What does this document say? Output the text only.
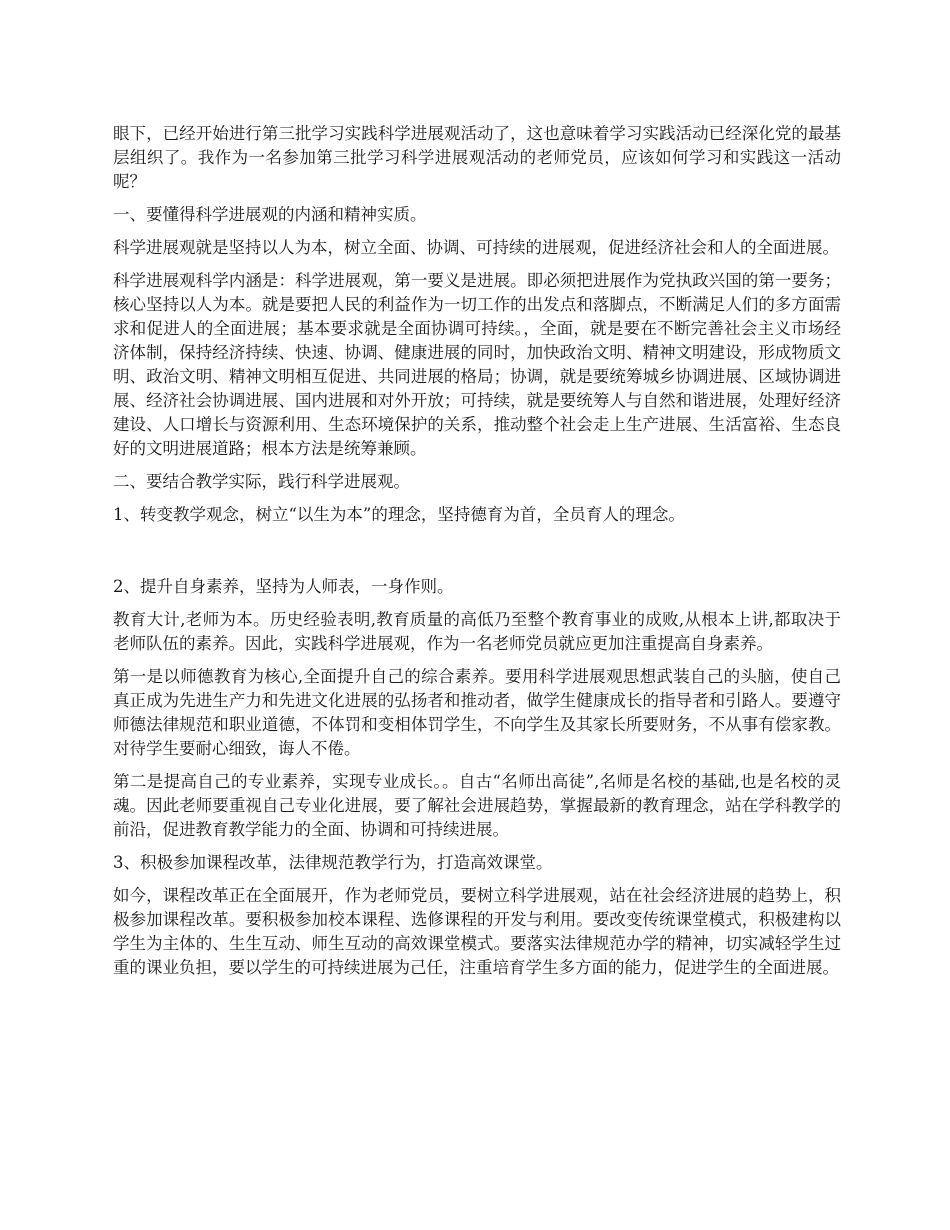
眼下，已经开始进行第三批学习实践科学进展观活动了，这也意味着学习实践活动已经深化党的最基层组织了。我作为一名参加第三批学习科学进展观活动的老师党员，应该如何学习和实践这一活动呢？

一、要懂得科学进展观的内涵和精神实质。

科学进展观就是坚持以人为本，树立全面、协调、可持续的进展观，促进经济社会和人的全面进展。

科学进展观科学内涵是：科学进展观，第一要义是进展。即必须把进展作为党执政兴国的第一要务；核心坚持以人为本。就是要把人民的利益作为一切工作的出发点和落脚点，不断满足人们的多方面需求和促进人的全面进展；基本要求就是全面协调可持续。，全面，就是要在不断完善社会主义市场经济体制，保持经济持续、快速、协调、健康进展的同时，加快政治文明、精神文明建设，形成物质文明、政治文明、精神文明相互促进、共同进展的格局；协调，就是要统筹城乡协调进展、区域协调进展、经济社会协调进展、国内进展和对外开放；可持续，就是要统筹人与自然和谐进展，处理好经济建设、人口增长与资源利用、生态环境保护的关系，推动整个社会走上生产进展、生活富裕、生态良好的文明进展道路；根本方法是统筹兼顾。

二、要结合教学实际，践行科学进展观。

1、转变教学观念，树立“以生为本”的理念，坚持德育为首，全员育人的理念。

2、提升自身素养，坚持为人师表，一身作则。

教育大计,老师为本。历史经验表明,教育质量的高低乃至整个教育事业的成败,从根本上讲,都取决于老师队伍的素养。因此，实践科学进展观，作为一名老师党员就应更加注重提高自身素养。

第一是以师德教育为核心,全面提升自己的综合素养。要用科学进展观思想武装自己的头脑，使自己真正成为先进生产力和先进文化进展的弘扬者和推动者，做学生健康成长的指导者和引路人。要遵守师德法律规范和职业道德，不体罚和变相体罚学生，不向学生及其家长所要财务，不从事有偿家教。对待学生要耐心细致，诲人不倦。

第二是提高自己的专业素养，实现专业成长。。自古“名师出高徒”,名师是名校的基础,也是名校的灵魂。因此老师要重视自己专业化进展，要了解社会进展趋势，掌握最新的教育理念，站在学科教学的前沿，促进教育教学能力的全面、协调和可持续进展。

3、积极参加课程改革，法律规范教学行为，打造高效课堂。

如今，课程改革正在全面展开，作为老师党员，要树立科学进展观，站在社会经济进展的趋势上，积极参加课程改革。要积极参加校本课程、选修课程的开发与利用。要改变传统课堂模式，积极建构以学生为主体的、生生互动、师生互动的高效课堂模式。要落实法律规范办学的精神，切实减轻学生过重的课业负担，要以学生的可持续进展为己任，注重培育学生多方面的能力，促进学生的全面进展。
